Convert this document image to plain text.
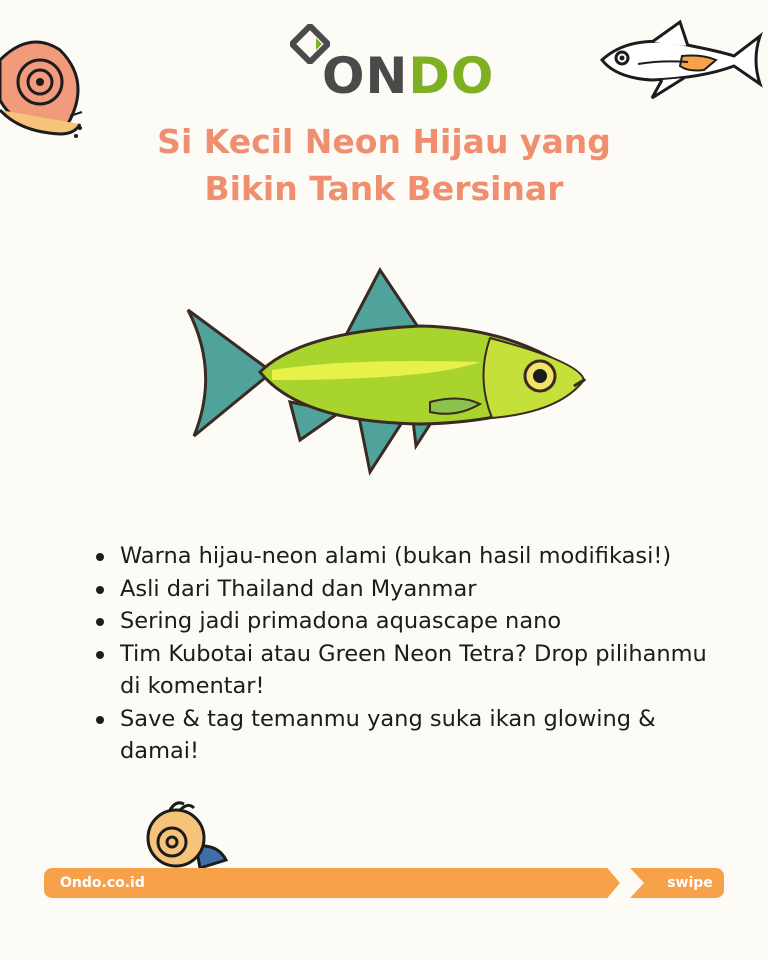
ONDO
Si Kecil Neon Hijau yang
Bikin Tank Bersinar
Warna hijau-neon alami (bukan hasil modifikasi!)
Asli dari Thailand dan Myanmar
Sering jadi primadona aquascape nano
Tim Kubotai atau Green Neon Tetra? Drop pilihanmu di komentar!
Save & tag temanmu yang suka ikan glowing & damai!
Ondo.co.id	swipe
